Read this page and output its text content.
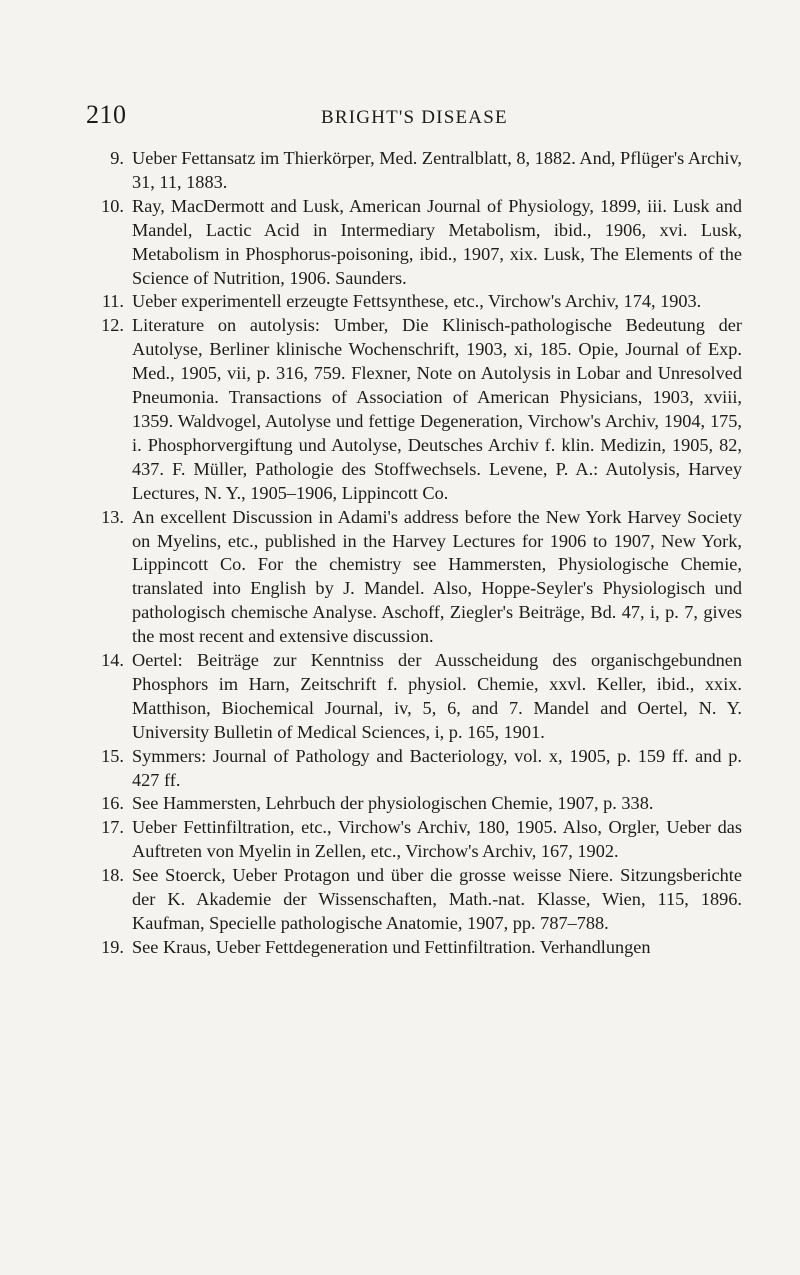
210	BRIGHT'S DISEASE
9. Ueber Fettansatz im Thierkörper, Med. Zentralblatt, 8, 1882. And, Pflüger's Archiv, 31, 11, 1883.
10. Ray, MacDermott and Lusk, American Journal of Physiology, 1899, iii. Lusk and Mandel, Lactic Acid in Intermediary Metabolism, ibid., 1906, xvi. Lusk, Metabolism in Phosphorus-poisoning, ibid., 1907, xix. Lusk, The Elements of the Science of Nutrition, 1906. Saunders.
11. Ueber experimentell erzeugte Fettsynthese, etc., Virchow's Archiv, 174, 1903.
12. Literature on autolysis: Umber, Die Klinisch-pathologische Bedeutung der Autolyse, Berliner klinische Wochenschrift, 1903, xi, 185. Opie, Journal of Exp. Med., 1905, vii, p. 316, 759. Flexner, Note on Autolysis in Lobar and Unresolved Pneumonia. Transactions of Association of American Physicians, 1903, xviii, 1359. Waldvogel, Autolyse und fettige Degeneration, Virchow's Archiv, 1904, 175, i. Phosphorvergiftung und Autolyse, Deutsches Archiv f. klin. Medizin, 1905, 82, 437. F. Müller, Pathologie des Stoffwechsels. Levene, P. A.: Autolysis, Harvey Lectures, N. Y., 1905–1906, Lippincott Co.
13. An excellent Discussion in Adami's address before the New York Harvey Society on Myelins, etc., published in the Harvey Lectures for 1906 to 1907, New York, Lippincott Co. For the chemistry see Hammersten, Physiologische Chemie, translated into English by J. Mandel. Also, Hoppe-Seyler's Physiologisch und pathologisch chemische Analyse. Aschoff, Ziegler's Beiträge, Bd. 47, i, p. 7, gives the most recent and extensive discussion.
14. Oertel: Beiträge zur Kenntniss der Ausscheidung des organischgebundnen Phosphors im Harn, Zeitschrift f. physiol. Chemie, xxvl. Keller, ibid., xxix. Matthison, Biochemical Journal, iv, 5, 6, and 7. Mandel and Oertel, N. Y. University Bulletin of Medical Sciences, i, p. 165, 1901.
15. Symmers: Journal of Pathology and Bacteriology, vol. x, 1905, p. 159 ff. and p. 427 ff.
16. See Hammersten, Lehrbuch der physiologischen Chemie, 1907, p. 338.
17. Ueber Fettinfiltration, etc., Virchow's Archiv, 180, 1905. Also, Orgler, Ueber das Auftreten von Myelin in Zellen, etc., Virchow's Archiv, 167, 1902.
18. See Stoerck, Ueber Protagon und über die grosse weisse Niere. Sitzungsberichte der K. Akademie der Wissenschaften, Math.-nat. Klasse, Wien, 115, 1896. Kaufman, Specielle pathologische Anatomie, 1907, pp. 787–788.
19. See Kraus, Ueber Fettdegeneration und Fettinfiltration. Verhandlungen
